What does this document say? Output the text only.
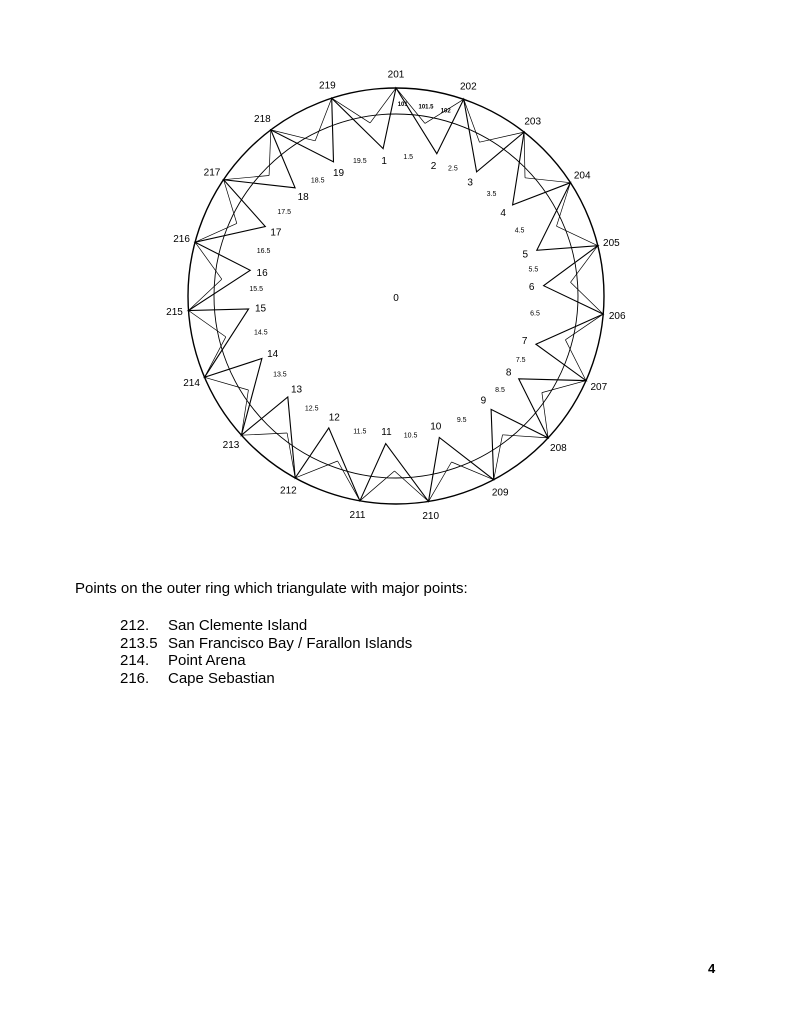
201
202
203
204
205
206
207
208
209
210
211
212
213
214
215
216
217
218
219
1	2
3
4
5
6
7
8
9
10
11
12
13
14
15
16
17
18
19
1.5
2.5
3.5
4.5
5.5
6.5
7.5
8.5
9.5
10.5
11.5
12.5
13.5
14.5
15.5
16.5
17.5
18.5
19.5
101 101.5
102
0
Points on the outer ring which triangulate with major points:
212.	San Clemente Island
213.5 San Francisco Bay / Farallon Islands
214.	Point Arena
216.	Cape Sebastian
4
